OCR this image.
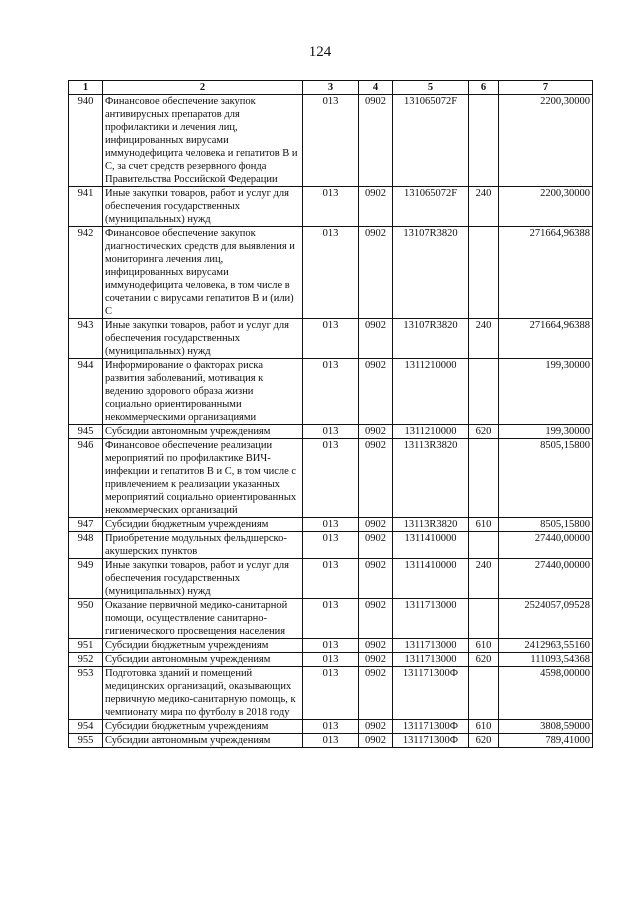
124
1	2	3	4	5	6	7
940	Финансовое обеспечение закупок антивирусных препаратов для профилактики и лечения лиц, инфицированных вирусами иммунодефицита человека и гепатитов В и С, за счет средств резервного фонда Правительства Российской Федерации	013	0902	131065072F		2200,30000
941	Иные закупки товаров, работ и услуг для обеспечения государственных (муниципальных) нужд	013	0902	131065072F	240	2200,30000
942	Финансовое обеспечение закупок диагностических средств для выявления и мониторинга лечения лиц, инфицированных вирусами иммунодефицита человека, в том числе в сочетании с вирусами гепатитов В и (или) С	013	0902	13107R3820		271664,96388
943	Иные закупки товаров, работ и услуг для обеспечения государственных (муниципальных) нужд	013	0902	13107R3820	240	271664,96388
944	Информирование о факторах риска развития заболеваний, мотивация к ведению здорового образа жизни социально ориентированными некоммерческими организациями	013	0902	1311210000		199,30000
945	Субсидии автономным учреждениям	013	0902	1311210000	620	199,30000
946	Финансовое обеспечение реализации мероприятий по профилактике ВИЧ-инфекции и гепатитов В и С, в том числе с привлечением к реализации указанных мероприятий социально ориентированных некоммерческих организаций	013	0902	13113R3820		8505,15800
947	Субсидии бюджетным учреждениям	013	0902	13113R3820	610	8505,15800
948	Приобретение модульных фельдшерско-акушерских пунктов	013	0902	1311410000		27440,00000
949	Иные закупки товаров, работ и услуг для обеспечения государственных (муниципальных) нужд	013	0902	1311410000	240	27440,00000
950	Оказание первичной медико-санитарной помощи, осуществление санитарно-гигиенического просвещения населения	013	0902	1311713000		2524057,09528
951	Субсидии бюджетным учреждениям	013	0902	1311713000	610	2412963,55160
952	Субсидии автономным учреждениям	013	0902	1311713000	620	111093,54368
953	Подготовка зданий и помещений медицинских организаций, оказывающих первичную медико-санитарную помощь, к чемпионату мира по футболу в 2018 году	013	0902	131171300Ф		4598,00000
954	Субсидии бюджетным учреждениям	013	0902	131171300Ф	610	3808,59000
955	Субсидии автономным учреждениям	013	0902	131171300Ф	620	789,41000
